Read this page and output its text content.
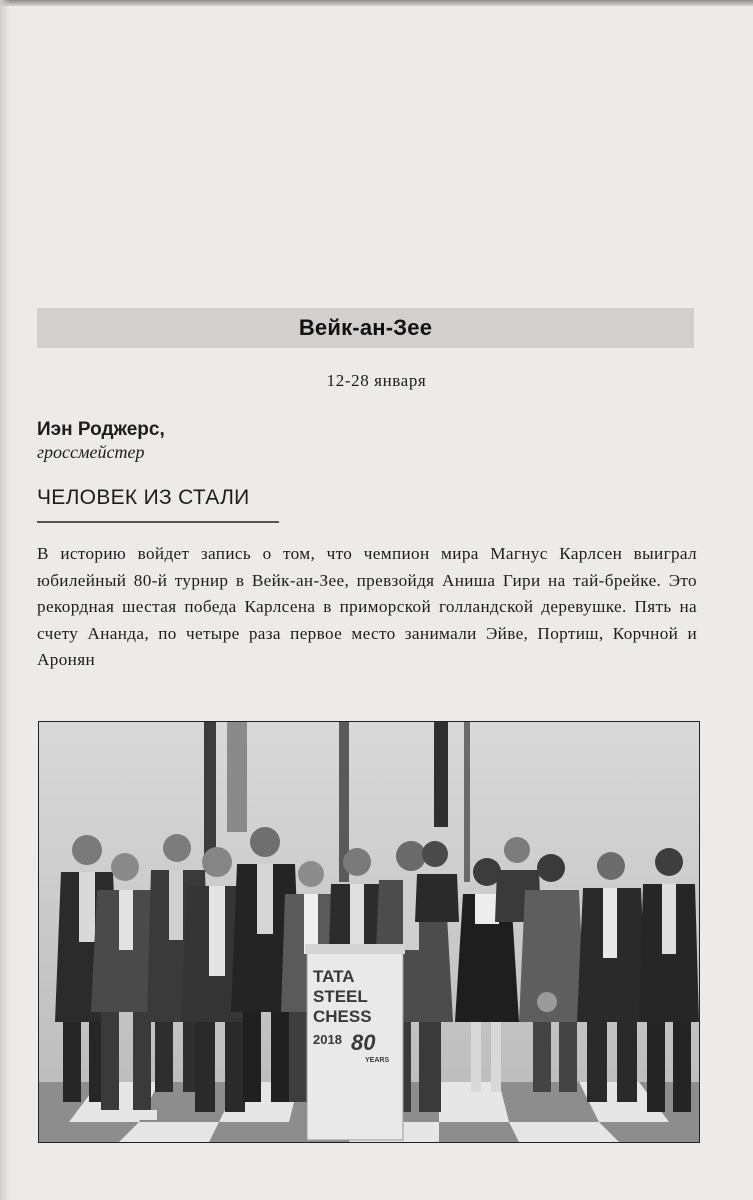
Вейк-ан-Зее
12-28 января
Иэн Роджерс,
гроссмейстер
ЧЕЛОВЕК ИЗ СТАЛИ
В историю войдет запись о том, что чемпион мира Магнус Карлсен выиграл юбилейный 80-й турнир в Вейк-ан-Зее, превзойдя Аниша Гири на тай-брейке. Это рекордная шестая победа Карлсена в приморской голландской деревушке. Пять на счету Ананда, по четыре раза первое место занимали Эйве, Портиш, Корчной и Аронян
TATA
STEEL
CHESS
2018 80
YEARS
